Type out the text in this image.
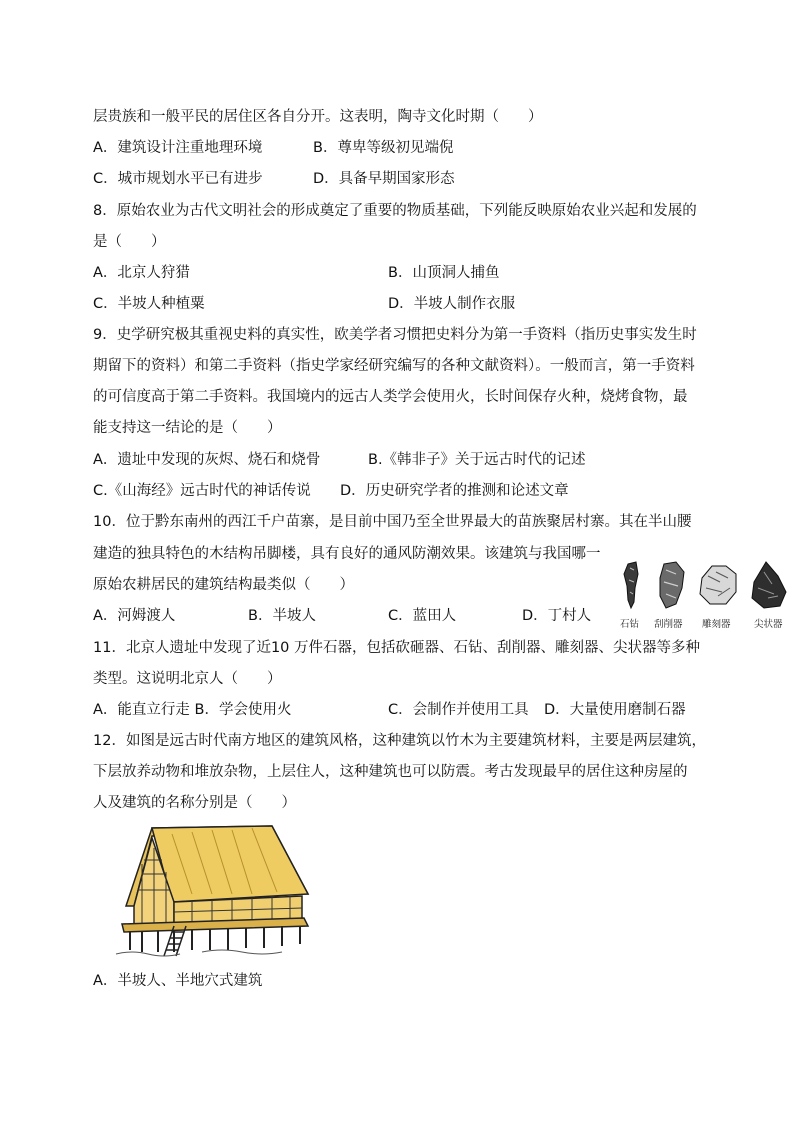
层贵族和一般平民的居住区各自分开。这表明，陶寺文化时期（　　）
A．建筑设计注重地理环境	B．尊卑等级初见端倪
C．城市规划水平已有进步	D．具备早期国家形态
8．原始农业为古代文明社会的形成奠定了重要的物质基础，下列能反映原始农业兴起和发展的
是（　　）
A．北京人狩猎	B．山顶洞人捕鱼
C．半坡人种植粟	D．半坡人制作衣服
9．史学研究极其重视史料的真实性，欧美学者习惯把史料分为第一手资料（指历史事实发生时
期留下的资料）和第二手资料（指史学家经研究编写的各种文献资料）。一般而言，第一手资料
的可信度高于第二手资料。我国境内的远古人类学会使用火，长时间保存火种，烧烤食物，最
能支持这一结论的是（　　）
A．遗址中发现的灰烬、烧石和烧骨	B.《韩非子》关于远古时代的记述
C.《山海经》远古时代的神话传说 D．历史研究学者的推测和论述文章
10．位于黔东南州的西江千户苗寨，是目前中国乃至全世界最大的苗族聚居村寨。其在半山腰
建造的独具特色的木结构吊脚楼，具有良好的通风防潮效果。该建筑与我国哪一
原始农耕居民的建筑结构最类似（　　）
A．河姆渡人	B．半坡人	C．蓝田人	D．丁村人
石钻 刮削器 雕刻器 尖状器
11．北京人遗址中发现了近10 万件石器，包括砍砸器、石钻、刮削器、雕刻器、尖状器等多种
类型。这说明北京人（　　）
A．能直立行走 B．学会使用火	C．会制作并使用工具 D．大量使用磨制石器
12．如图是远古时代南方地区的建筑风格，这种建筑以竹木为主要建筑材料，主要是两层建筑，
下层放养动物和堆放杂物，上层住人，这种建筑也可以防震。考古发现最早的居住这种房屋的
人及建筑的名称分别是（　　）
A．半坡人、半地穴式建筑
